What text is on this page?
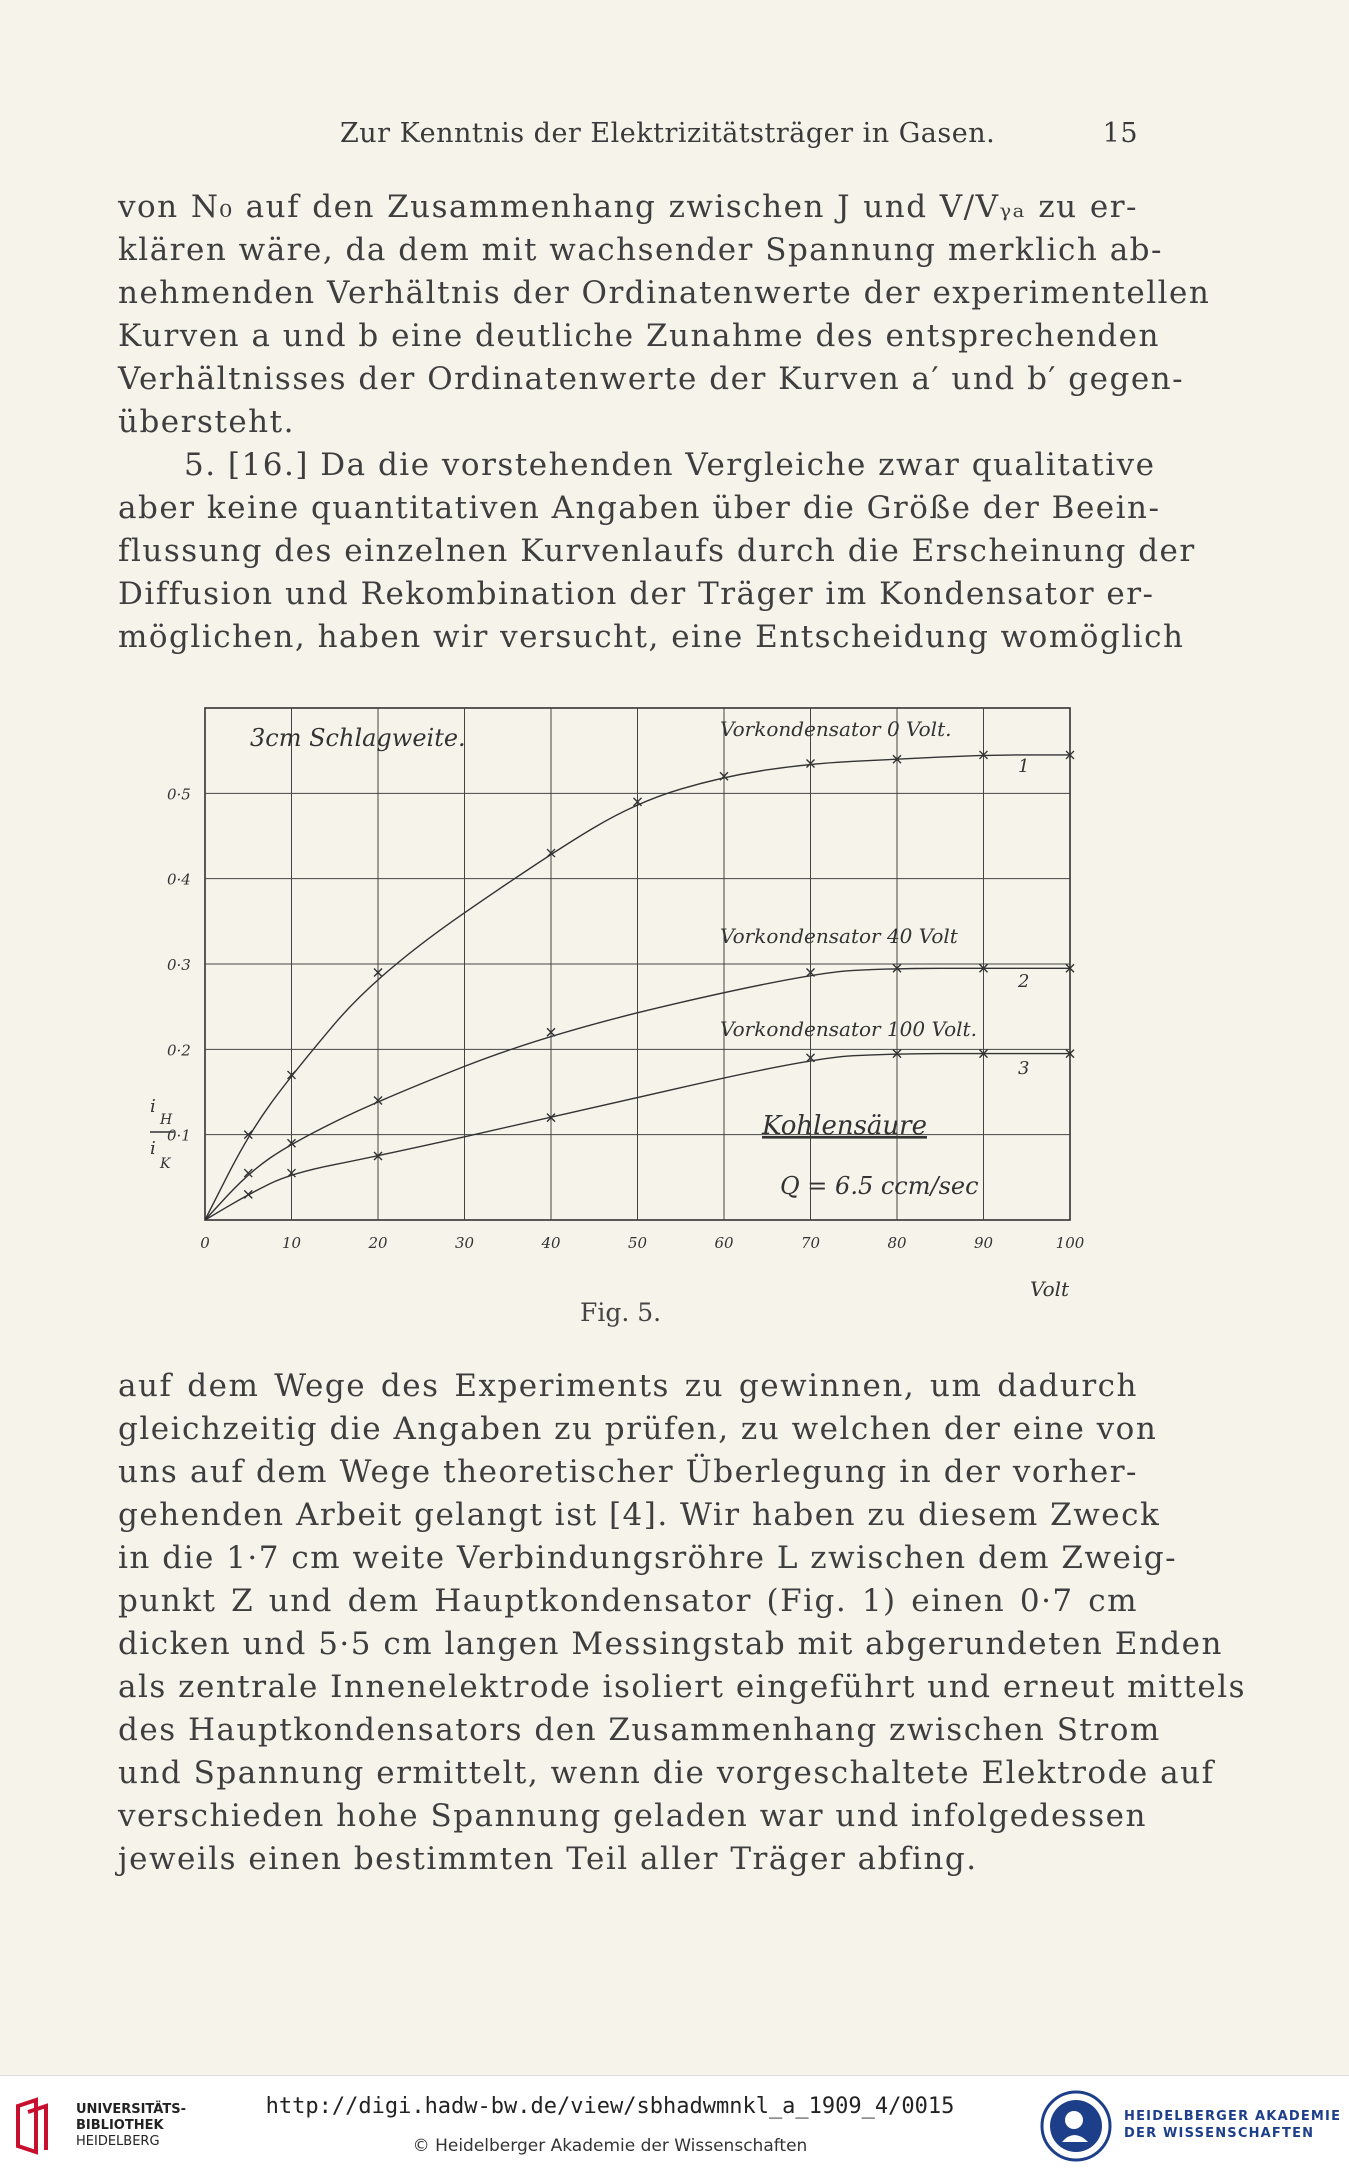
Zur Kenntnis der Elektrizitätsträger in Gasen.	15

von N₀ auf den Zusammenhang zwischen J und V/Vᵧₐ zu er-
klären wäre, da dem mit wachsender Spannung merklich ab-
nehmenden Verhältnis der Ordinatenwerte der experimentellen
Kurven a und b eine deutliche Zunahme des entsprechenden
Verhältnisses der Ordinatenwerte der Kurven a′ und b′ gegen-
übersteht.

5. [16.] Da die vorstehenden Vergleiche zwar qualitative
aber keine quantitativen Angaben über die Größe der Beein-
flussung des einzelnen Kurvenlaufs durch die Erscheinung der
Diffusion und Rekombination der Träger im Kondensator er-
möglichen, haben wir versucht, eine Entscheidung womöglich

0	10	20	30	40	50	60	70	80	90	100
0·1
0·2
0·3
0·4
0·5
3cm Schlagweite.	Vorkondensator 0 Volt.
Vorkondensator 40 Volt
Vorkondensator 100 Volt.
1
2
3
Kohlensäure
Q = 6.5 ccm/sec
i
H
i
K
Volt
Fig. 5.

auf dem Wege des Experiments zu gewinnen, um dadurch
gleichzeitig die Angaben zu prüfen, zu welchen der eine von
uns auf dem Wege theoretischer Überlegung in der vorher-
gehenden Arbeit gelangt ist [4]. Wir haben zu diesem Zweck
in die 1·7 cm weite Verbindungsröhre L zwischen dem Zweig-
punkt Z und dem Hauptkondensator (Fig. 1) einen 0·7 cm
dicken und 5·5 cm langen Messingstab mit abgerundeten Enden
als zentrale Innenelektrode isoliert eingeführt und erneut mittels
des Hauptkondensators den Zusammenhang zwischen Strom
und Spannung ermittelt, wenn die vorgeschaltete Elektrode auf
verschieden hohe Spannung geladen war und infolgedessen
jeweils einen bestimmten Teil aller Träger abfing.

UNIVERSITÄTS-
BIBLIOTHEK
HEIDELBERG
http://digi.hadw-bw.de/view/sbhadwmnkl_a_1909_4/0015
© Heidelberger Akademie der Wissenschaften
HEIDELBERGER AKADEMIE
DER WISSENSCHAFTEN
